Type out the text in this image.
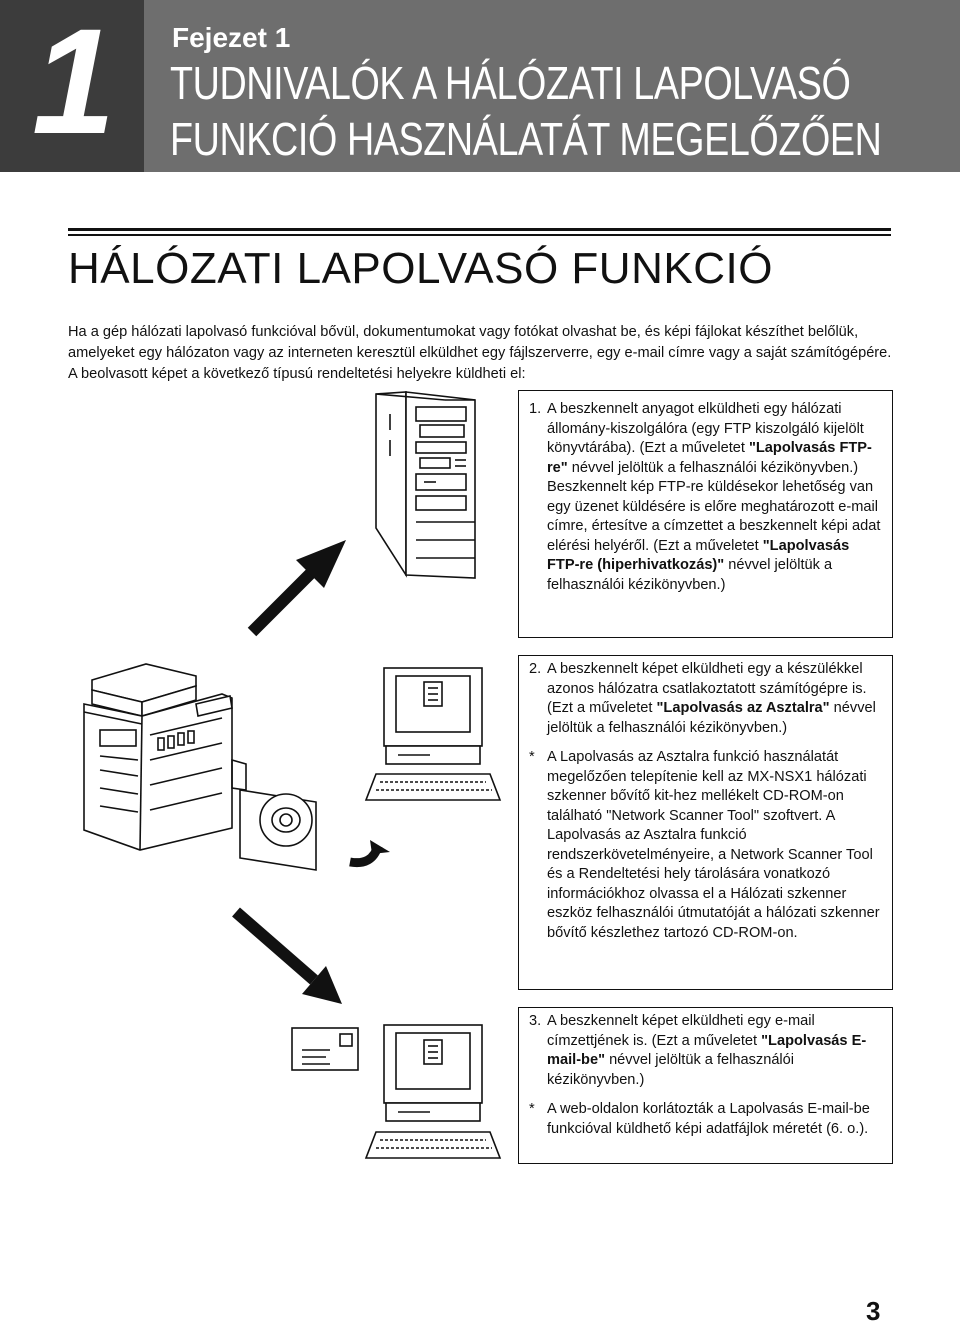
1 Fejezet 1
TUDNIVALÓK A HÁLÓZATI LAPOLVASÓ
FUNKCIÓ HASZNÁLATÁT MEGELŐZŐEN
HÁLÓZATI LAPOLVASÓ FUNKCIÓ
Ha a gép hálózati lapolvasó funkcióval bővül, dokumentumokat vagy fotókat olvashat be, és képi fájlokat készíthet belőlük, amelyeket egy hálózaton vagy az interneten keresztül elküldhet egy fájlszerverre, egy e-mail címre vagy a saját számítógépére. A beolvasott képet a következő típusú rendeltetési helyekre küldheti el:
1. A beszkennelt anyagot elküldheti egy hálózati állomány-kiszolgálóra (egy FTP kiszolgáló kijelölt könyvtárába). (Ezt a műveletet "Lapolvasás FTP-re" névvel jelöltük a felhasználói kézikönyvben.)
Beszkennelt kép FTP-re küldésekor lehetőség van egy üzenet küldésére is előre meghatározott e-mail címre, értesítve a címzettet a beszkennelt képi adat elérési helyéről. (Ezt a műveletet "Lapolvasás FTP-re (hiperhivatkozás)" névvel jelöltük a felhasználói kézikönyvben.)
2. A beszkennelt képet elküldheti egy a készülékkel azonos hálózatra csatlakoztatott számítógépre is. (Ezt a műveletet "Lapolvasás az Asztalra" névvel jelöltük a felhasználói kézikönyvben.)
* A Lapolvasás az Asztalra funkció használatát megelőzően telepítenie kell az MX-NSX1 hálózati szkenner bővítő kit-hez mellékelt CD-ROM-on található "Network Scanner Tool" szoftvert. A Lapolvasás az Asztalra funkció rendszerkövetelményeire, a Network Scanner Tool és a Rendeltetési hely tárolására vonatkozó információkhoz olvassa el a Hálózati szkenner eszköz felhasználói útmutatóját a hálózati szkenner bővítő készlethez tartozó CD-ROM-on.
3. A beszkennelt képet elküldheti egy e-mail címzettjének is. (Ezt a műveletet "Lapolvasás E-mail-be" névvel jelöltük a felhasználói kézikönyvben.)
* A web-oldalon korlátozták a Lapolvasás E-mail-be funkcióval küldhető képi adatfájlok méretét (6. o.).
3
